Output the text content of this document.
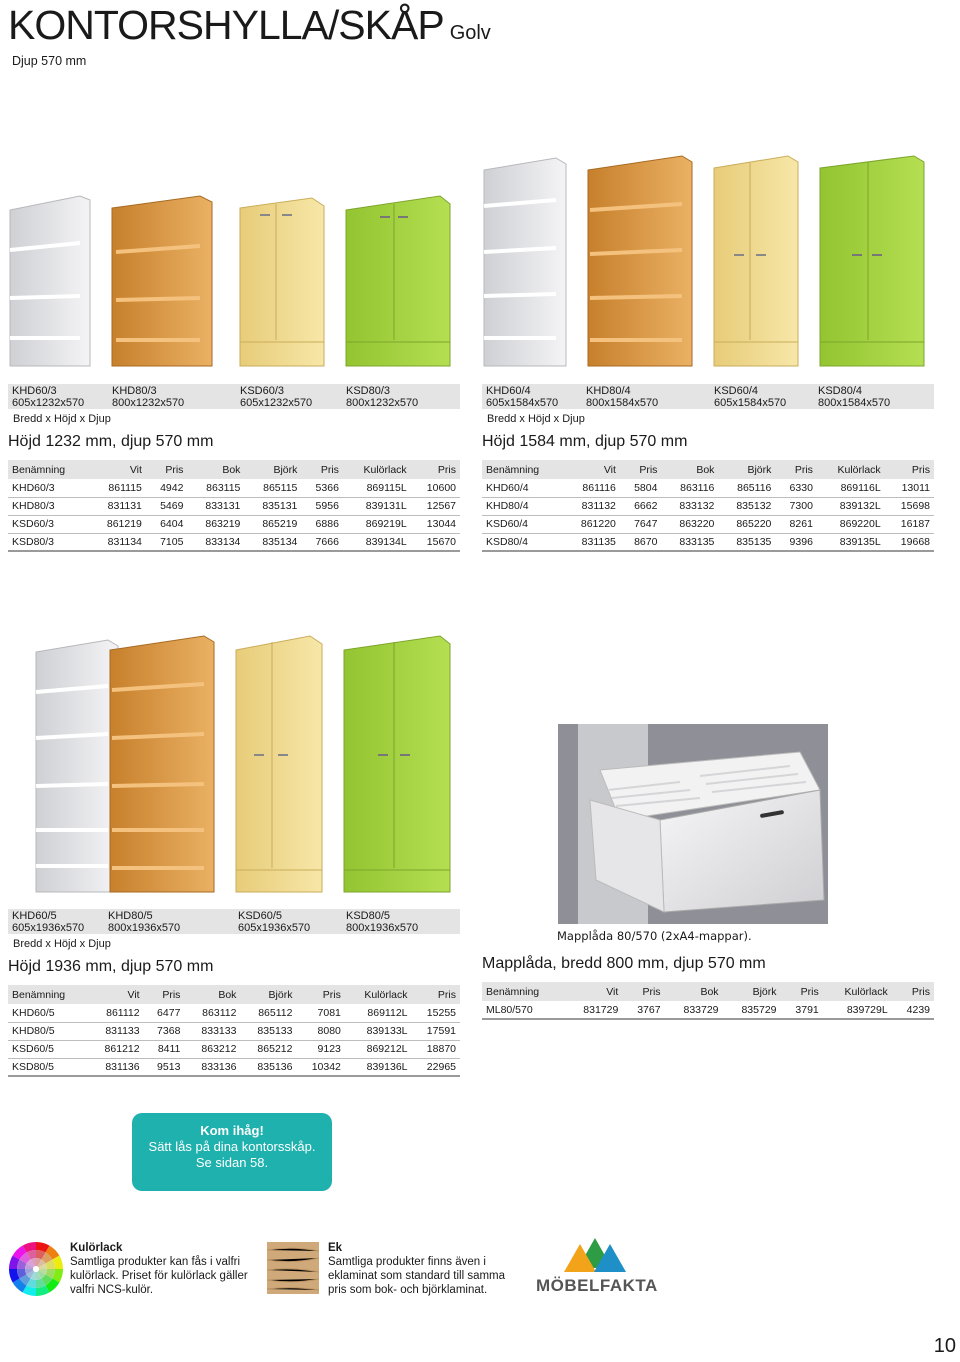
KONTORSHYLLA/SKÅP Golv
Djup 570 mm
KHD60/3
605x1232x570
KHD80/3
800x1232x570
KSD60/3
605x1232x570
KSD80/3
800x1232x570
Bredd x Höjd x Djup
Höjd 1232 mm, djup 570 mm
Benämning	Vit	Pris	Bok	Björk	Pris	Kulörlack	Pris
KHD60/3	861115	4942	863115	865115	5366	869115L	10600
KHD80/3	831131	5469	833131	835131	5956	839131L	12567
KSD60/3	861219	6404	863219	865219	6886	869219L	13044
KSD80/3	831134	7105	833134	835134	7666	839134L	15670
KHD60/4
605x1584x570
KHD80/4
800x1584x570
KSD60/4
605x1584x570
KSD80/4
800x1584x570
Bredd x Höjd x Djup
Höjd 1584 mm, djup 570 mm
Benämning	Vit	Pris	Bok	Björk	Pris	Kulörlack	Pris
KHD60/4	861116	5804	863116	865116	6330	869116L	13011
KHD80/4	831132	6662	833132	835132	7300	839132L	15698
KSD60/4	861220	7647	863220	865220	8261	869220L	16187
KSD80/4	831135	8670	833135	835135	9396	839135L	19668
KHD60/5
605x1936x570
KHD80/5
800x1936x570
KSD60/5
605x1936x570
KSD80/5
800x1936x570
Bredd x Höjd x Djup
Höjd 1936 mm, djup 570 mm
Benämning	Vit	Pris	Bok	Björk	Pris	Kulörlack	Pris
KHD60/5	861112	6477	863112	865112	7081	869112L	15255
KHD80/5	831133	7368	833133	835133	8080	839133L	17591
KSD60/5	861212	8411	863212	865212	9123	869212L	18870
KSD80/5	831136	9513	833136	835136	10342	839136L	22965
Mapplåda 80/570 (2xA4-mappar).
Mapplåda, bredd 800 mm, djup 570 mm
Benämning	Vit	Pris	Bok	Björk	Pris	Kulörlack	Pris
ML80/570	831729	3767	833729	835729	3791	839729L	4239
Kom ihåg!
Sätt lås på dina kontorsskåp.
Se sidan 58.
Kulörlack
Samtliga produkter kan fås i valfri
kulörlack. Priset för kulörlack gäller
valfri NCS-kulör.
Ek
Samtliga produkter finns även i
eklaminat som standard till samma
pris som bok- och björklaminat.	MÖBELFAKTA
10
